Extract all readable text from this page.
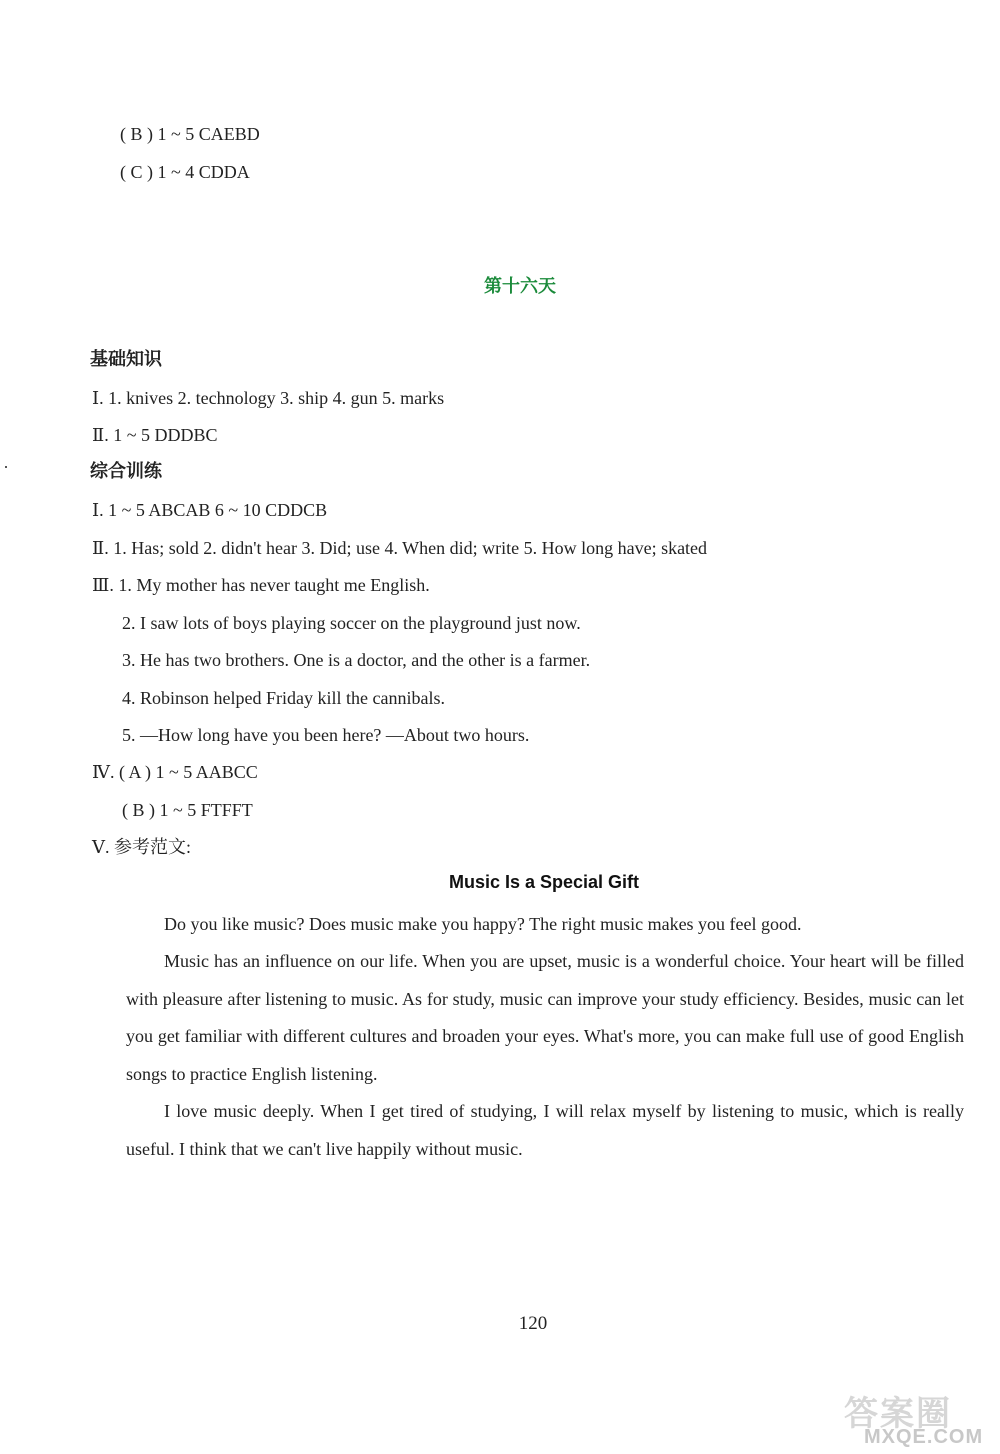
( B ) 1 ~ 5 CAEBD
( C ) 1 ~ 4 CDDA
第十六天
基础知识
Ⅰ. 1. knives 2. technology 3. ship 4. gun 5. marks
Ⅱ. 1 ~ 5 DDDBC
综合训练
Ⅰ. 1 ~ 5 ABCAB 6 ~ 10 CDDCB
Ⅱ. 1. Has; sold 2. didn't hear 3. Did; use 4. When did; write 5. How long have; skated
Ⅲ. 1. My mother has never taught me English.
2. I saw lots of boys playing soccer on the playground just now.
3. He has two brothers. One is a doctor, and the other is a farmer.
4. Robinson helped Friday kill the cannibals.
5. —How long have you been here? —About two hours.
Ⅳ. ( A ) 1 ~ 5 AABCC
( B ) 1 ~ 5 FTFFT
Ⅴ. 参考范文:
Music Is a Special Gift
Do you like music? Does music make you happy? The right music makes you feel good.
Music has an influence on our life. When you are upset, music is a wonderful choice. Your heart will be filled with pleasure after listening to music. As for study, music can improve your study efficiency. Besides, music can let you get familiar with different cultures and broaden your eyes. What's more, you can make full use of good English songs to practice English listening.
I love music deeply. When I get tired of studying, I will relax myself by listening to music, which is really useful. I think that we can't live happily without music.
120
答案圈
MXQE.COM
